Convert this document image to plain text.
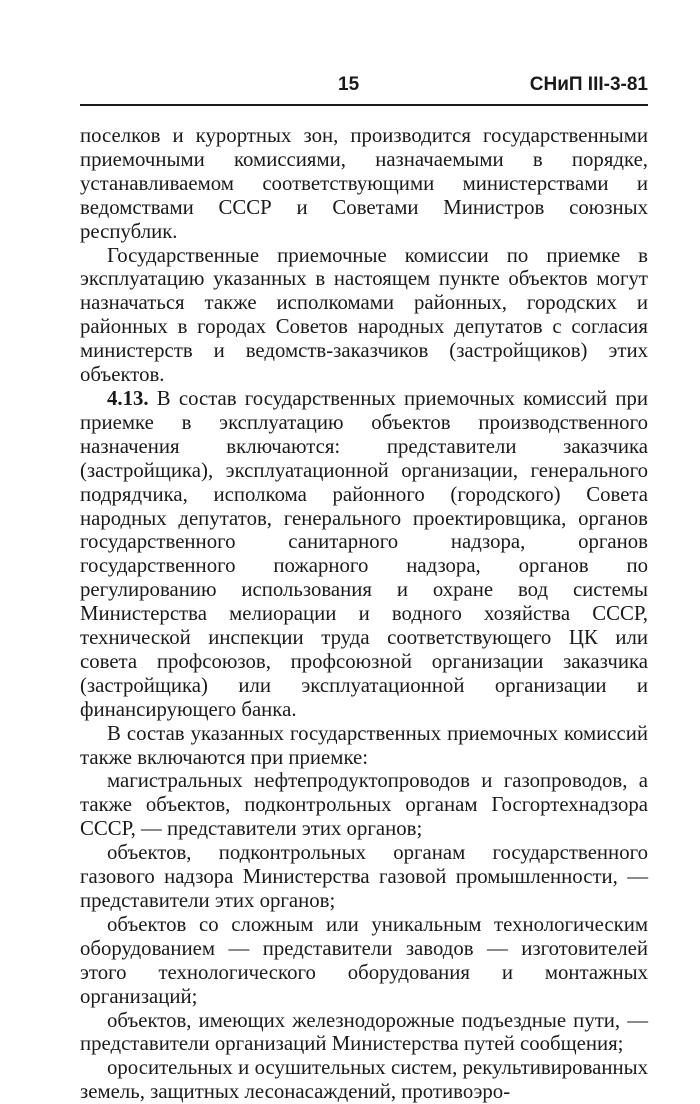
15	СНиП III-3-81

поселков и курортных зон, производится государственными приемочными комиссиями, назначаемыми в порядке, устанавливаемом соответствующими министерствами и ведомствами СССР и Советами Министров союзных республик.

Государственные приемочные комиссии по приемке в эксплуатацию указанных в настоящем пункте объектов могут назначаться также исполкомами районных, городских и районных в городах Советов народных депутатов с согласия министерств и ведомств-заказчиков (застройщиков) этих объектов.

4.13. В состав государственных приемочных комиссий при приемке в эксплуатацию объектов производственного назначения включаются: представители заказчика (застройщика), эксплуатационной организации, генерального подрядчика, исполкома районного (городского) Совета народных депутатов, генерального проектировщика, органов государственного санитарного надзора, органов государственного пожарного надзора, органов по регулированию использования и охране вод системы Министерства мелиорации и водного хозяйства СССР, технической инспекции труда соответствующего ЦК или совета профсоюзов, профсоюзной организации заказчика (застройщика) или эксплуатационной организации и финансирующего банка.

В состав указанных государственных приемочных комиссий также включаются при приемке:

магистральных нефтепродуктопроводов и газопроводов, а также объектов, подконтрольных органам Госгортехнадзора СССР, — представители этих органов;

объектов, подконтрольных органам государственного газового надзора Министерства газовой промышленности, — представители этих органов;

объектов со сложным или уникальным технологическим оборудованием — представители заводов — изготовителей этого технологического оборудования и монтажных организаций;

объектов, имеющих железнодорожные подъездные пути, — представители организаций Министерства путей сообщения;

оросительных и осушительных систем, рекультивированных земель, защитных лесонасаждений, противоэро-
